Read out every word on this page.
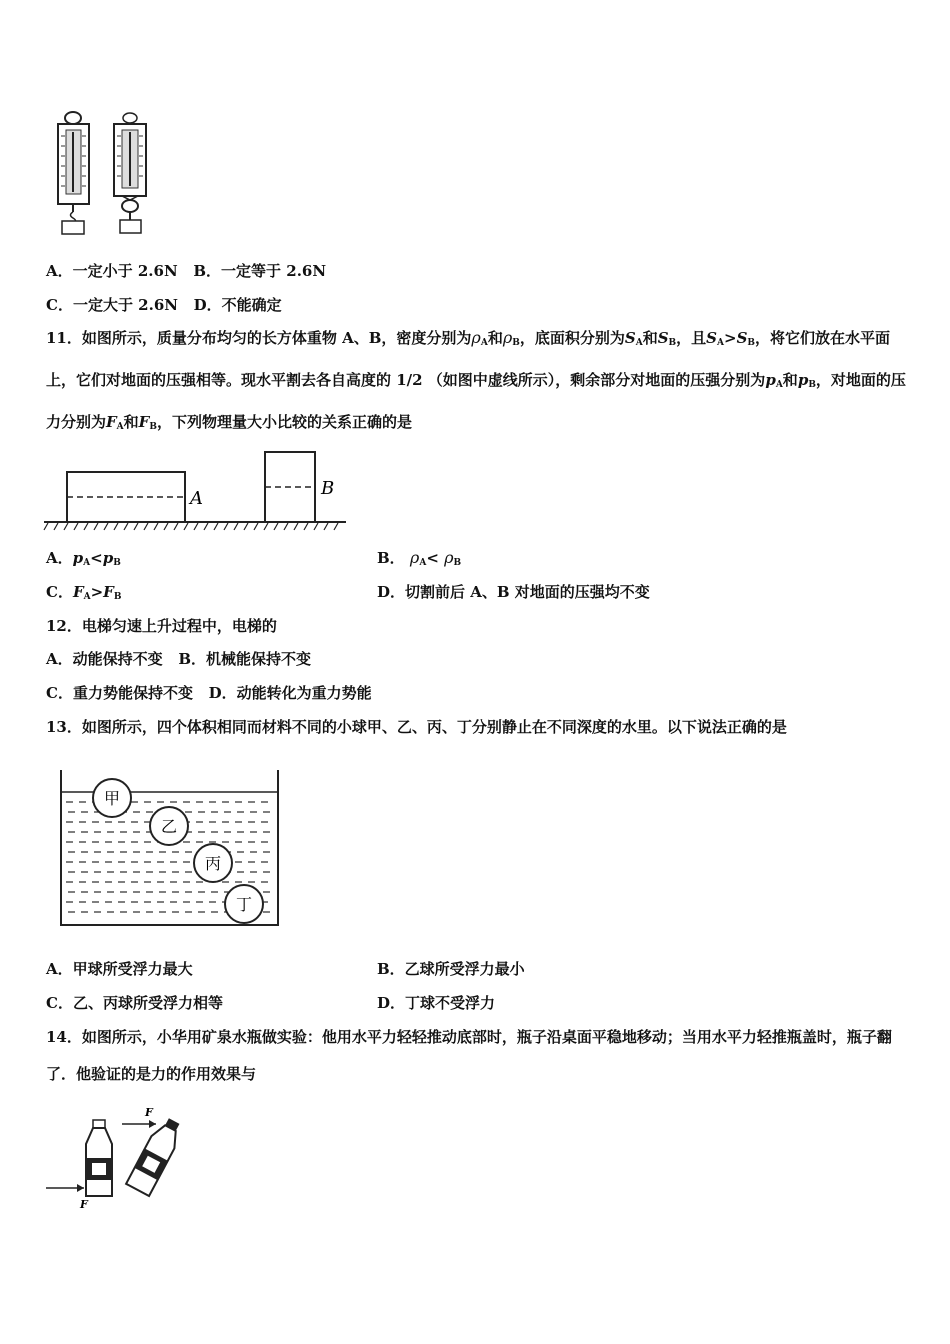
A．一定小于 2.6N B．一定等于 2.6N
C．一定大于 2.6N D．不能确定
11．如图所示，质量分布均匀的长方体重物 A、B，密度分别为$\rho_A$和$\rho_B$，底面积分别为$S_A$和$S_B$，且$S_A>S_B$，将它们放在水平面上，它们对地面的压强相等。现水平割去各自高度的 1/2 （如图中虚线所示），剩余部分对地面的压强分别为$p_A$和$p_B$，对地面的压力分别为$F_A$和$F_B$，下列物理量大小比较的关系正确的是
A	B
A．$p_A<p_B$	B． $\rho_A< \rho_B$
C．$F_A>F_B$	D．切割前后 A、B 对地面的压强均不变
12．电梯匀速上升过程中，电梯的
A．动能保持不变 B．机械能保持不变
C．重力势能保持不变 D．动能转化为重力势能
13．如图所示，四个体积相同而材料不同的小球甲、乙、丙、丁分别静止在不同深度的水里。以下说法正确的是
甲
乙
丙
丁
A．甲球所受浮力最大	B．乙球所受浮力最小
C．乙、丙球所受浮力相等	D．丁球不受浮力
14．如图所示，小华用矿泉水瓶做实验：他用水平力轻轻推动底部时，瓶子沿桌面平稳地移动；当用水平力轻推瓶盖时，瓶子翻了．他验证的是力的作用效果与
F
F
